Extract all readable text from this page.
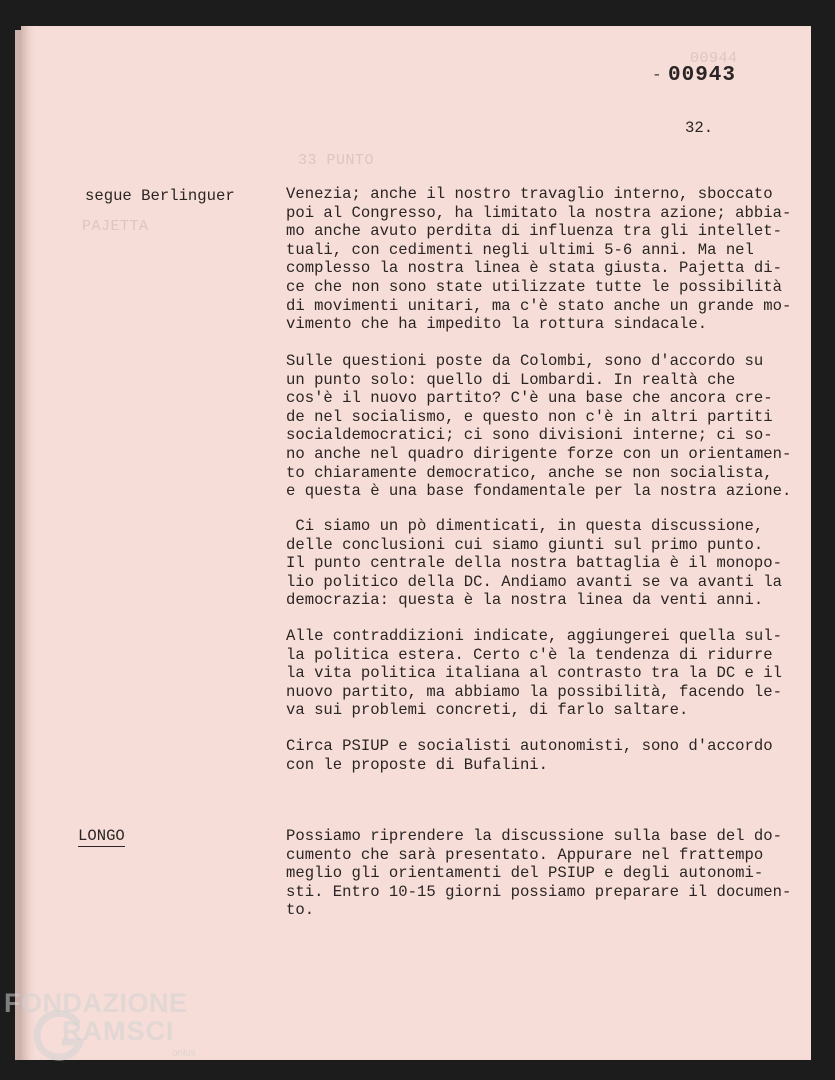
33 PUNTO
PAJETTA
00944
- 00943
32.
segue Berlinguer	Venezia; anche il nostro travaglio interno, sboccato
poi al Congresso, ha limitato la nostra azione; abbia-
mo anche avuto perdita di influenza tra gli intellet-
tuali, con cedimenti negli ultimi 5-6 anni. Ma nel
complesso la nostra linea è stata giusta. Pajetta di-
ce che non sono state utilizzate tutte le possibilità
di movimenti unitari, ma c'è stato anche un grande mo-
vimento che ha impedito la rottura sindacale.

Sulle questioni poste da Colombi, sono d'accordo su
un punto solo: quello di Lombardi. In realtà che
cos'è il nuovo partito? C'è una base che ancora cre-
de nel socialismo, e questo non c'è in altri partiti
socialdemocratici; ci sono divisioni interne; ci so-
no anche nel quadro dirigente forze con un orientamen-
to chiaramente democratico, anche se non socialista,
e questa è una base fondamentale per la nostra azione.

Ci siamo un pò dimenticati, in questa discussione,
delle conclusioni cui siamo giunti sul primo punto.
Il punto centrale della nostra battaglia è il monopo-
lio politico della DC. Andiamo avanti se va avanti la
democrazia: questa è la nostra linea da venti anni.

Alle contraddizioni indicate, aggiungerei quella sul-
la politica estera. Certo c'è la tendenza di ridurre
la vita politica italiana al contrasto tra la DC e il
nuovo partito, ma abbiamo la possibilità, facendo le-
va sui problemi concreti, di farlo saltare.

Circa PSIUP e socialisti autonomisti, sono d'accordo
con le proposte di Bufalini.

LONGO	Possiamo riprendere la discussione sulla base del do-
cumento che sarà presentato. Appurare nel frattempo
meglio gli orientamenti del PSIUP e degli autonomi-
sti. Entro 10-15 giorni possiamo preparare il documen-
to.

FONDAZIONE
RAMSCI
onlus
